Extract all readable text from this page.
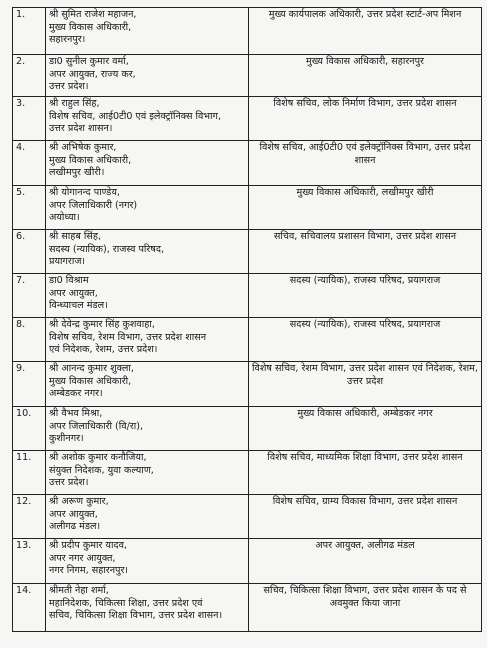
1.	श्री सुमित राजेश महाजन,
मुख्य विकास अधिकारी,
सहारनपुर।	मुख्य कार्यपालक अधिकारी, उत्तर प्रदेश स्टार्ट-अप मिशन
2.	डा0 सुनील कुमार वर्मा,
अपर आयुक्त, राज्य कर,
उत्तर प्रदेश।	मुख्य विकास अधिकारी, सहारनपुर
3.	श्री राहुल सिंह,
विशेष सचिव, आई0टी0 एवं इलेक्ट्रॉनिक्स विभाग,
उत्तर प्रदेश शासन।	विशेष सचिव, लोक निर्माण विभाग, उत्तर प्रदेश शासन
4.	श्री अभिषेक कुमार,
मुख्य विकास अधिकारी,
लखीमपुर खीरी।	विशेष सचिव, आई0टी0 एवं इलेक्ट्रॉनिक्स विभाग, उत्तर प्रदेश शासन
5.	श्री योगानन्द पाण्डेय,
अपर जिलाधिकारी (नगर)
अयोध्या।	मुख्य विकास अधिकारी, लखीमपुर खीरी
6.	श्री साहब सिंह,
सदस्य (न्यायिक), राजस्व परिषद,
प्रयागराज।	सचिव, सचिवालय प्रशासन विभाग, उत्तर प्रदेश शासन
7.	डा0 विश्राम
अपर आयुक्त,
विन्ध्याचल मंडल।	सदस्य (न्यायिक), राजस्व परिषद, प्रयागराज
8.	श्री देवेन्द्र कुमार सिंह कुशवाहा,
विशेष सचिव, रेशम विभाग, उत्तर प्रदेश शासन
एवं निदेशक, रेशम, उत्तर प्रदेश।	सदस्य (न्यायिक), राजस्व परिषद, प्रयागराज
9.	श्री आनन्द कुमार शुक्ला,
मुख्य विकास अधिकारी,
अम्बेडकर नगर।	विशेष सचिव, रेशम विभाग, उत्तर प्रदेश शासन एवं निदेशक, रेशम, उत्तर प्रदेश
10.	श्री वैभव मिश्रा,
अपर जिलाधिकारी (वि/रा),
कुशीनगर।	मुख्य विकास अधिकारी, अम्बेडकर नगर
11.	श्री अशोक कुमार कनौजिया,
संयुक्त निदेशक, युवा कल्याण,
उत्तर प्रदेश।	विशेष सचिव, माध्यमिक शिक्षा विभाग, उत्तर प्रदेश शासन
12.	श्री अरूण कुमार,
अपर आयुक्त,
अलीगढ मंडल।	विशेष सचिव, ग्राम्य विकास विभाग, उत्तर प्रदेश शासन
13.	श्री प्रदीप कुमार यादव,
अपर नगर आयुक्त,
नगर निगम, सहारनपुर।	अपर आयुक्त, अलीगढ मंडल
14.	श्रीमती नेहा शर्मा,
महानिदेशक, चिकित्सा शिक्षा, उत्तर प्रदेश एवं
सचिव, चिकित्सा शिक्षा विभाग, उत्तर प्रदेश शासन।	सचिव, चिकित्सा शिक्षा विभाग, उत्तर प्रदेश शासन के पद से अवमुक्त किया जाना
